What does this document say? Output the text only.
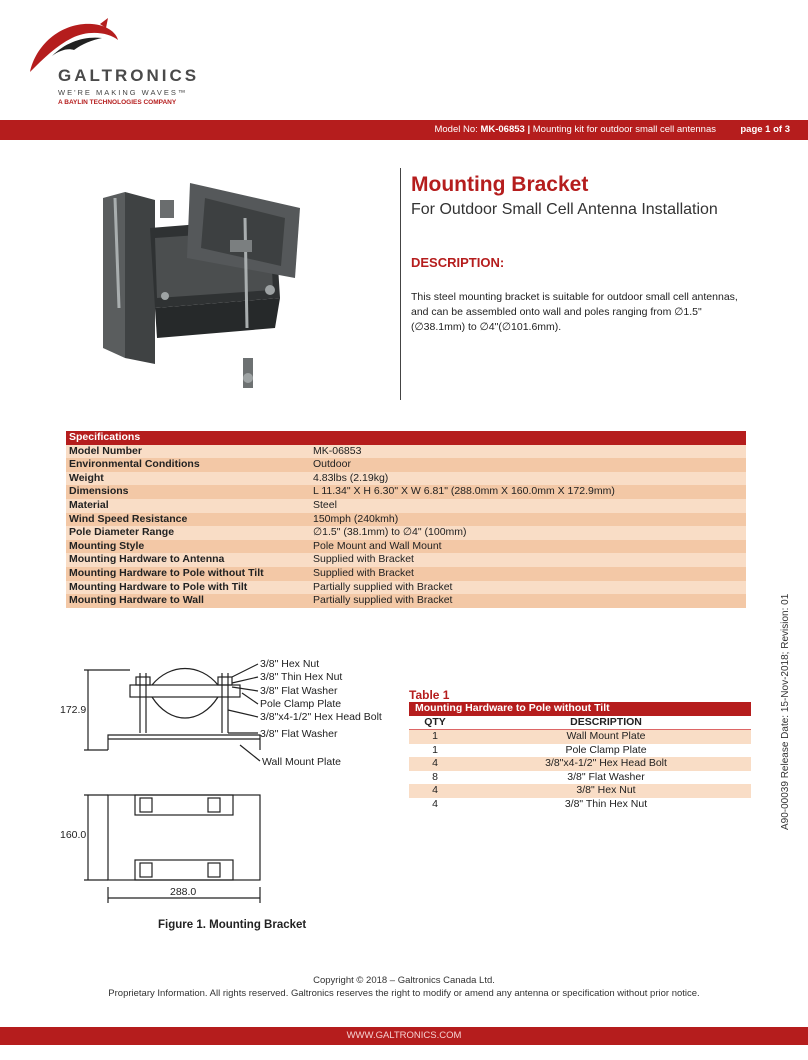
GALTRONICS
WE'RE MAKING WAVES™
A BAYLIN TECHNOLOGIES COMPANY
Model No: MK-06853 | Mounting kit for outdoor small cell antennas	page 1 of 3
Mounting Bracket
For Outdoor Small Cell Antenna Installation
DESCRIPTION:
This steel mounting bracket is suitable for outdoor small cell antennas, and can be assembled onto wall and poles ranging from ∅1.5" (∅38.1mm) to ∅4"(∅101.6mm).
Specifications	
Model Number	MK-06853
Environmental Conditions	Outdoor
Weight	4.83lbs (2.19kg)
Dimensions	L 11.34" X H 6.30" X W 6.81" (288.0mm X 160.0mm X 172.9mm)
Material	Steel
Wind Speed Resistance	150mph (240kmh)
Pole Diameter Range	∅1.5" (38.1mm) to ∅4" (100mm)
Mounting Style	Pole Mount and Wall Mount
Mounting Hardware to Antenna	Supplied with Bracket
Mounting Hardware to Pole without Tilt	Supplied with Bracket
Mounting Hardware to Pole with Tilt	Partially supplied with Bracket
Mounting Hardware to Wall	Partially supplied with Bracket
3/8" Hex Nut
3/8" Thin Hex Nut
3/8" Flat Washer
Pole Clamp Plate
3/8"x4-1/2" Hex Head Bolt
3/8" Flat Washer
Wall Mount Plate
172.9
160.0
288.0
Figure 1. Mounting Bracket
Table 1
Mounting Hardware to Pole without Tilt	
QTY	DESCRIPTION
1	Wall Mount Plate
1	Pole Clamp Plate
4	3/8"x4-1/2" Hex Head Bolt
8	3/8" Flat Washer
4	3/8" Hex Nut
4	3/8" Thin Hex Nut	A90-00039 Release Date: 15-Nov-2018; Revision: 01
Copyright © 2018 – Galtronics Canada Ltd.
Proprietary Information. All rights reserved. Galtronics reserves the right to modify or amend any antenna or specification without prior notice.
WWW.GALTRONICS.COM
